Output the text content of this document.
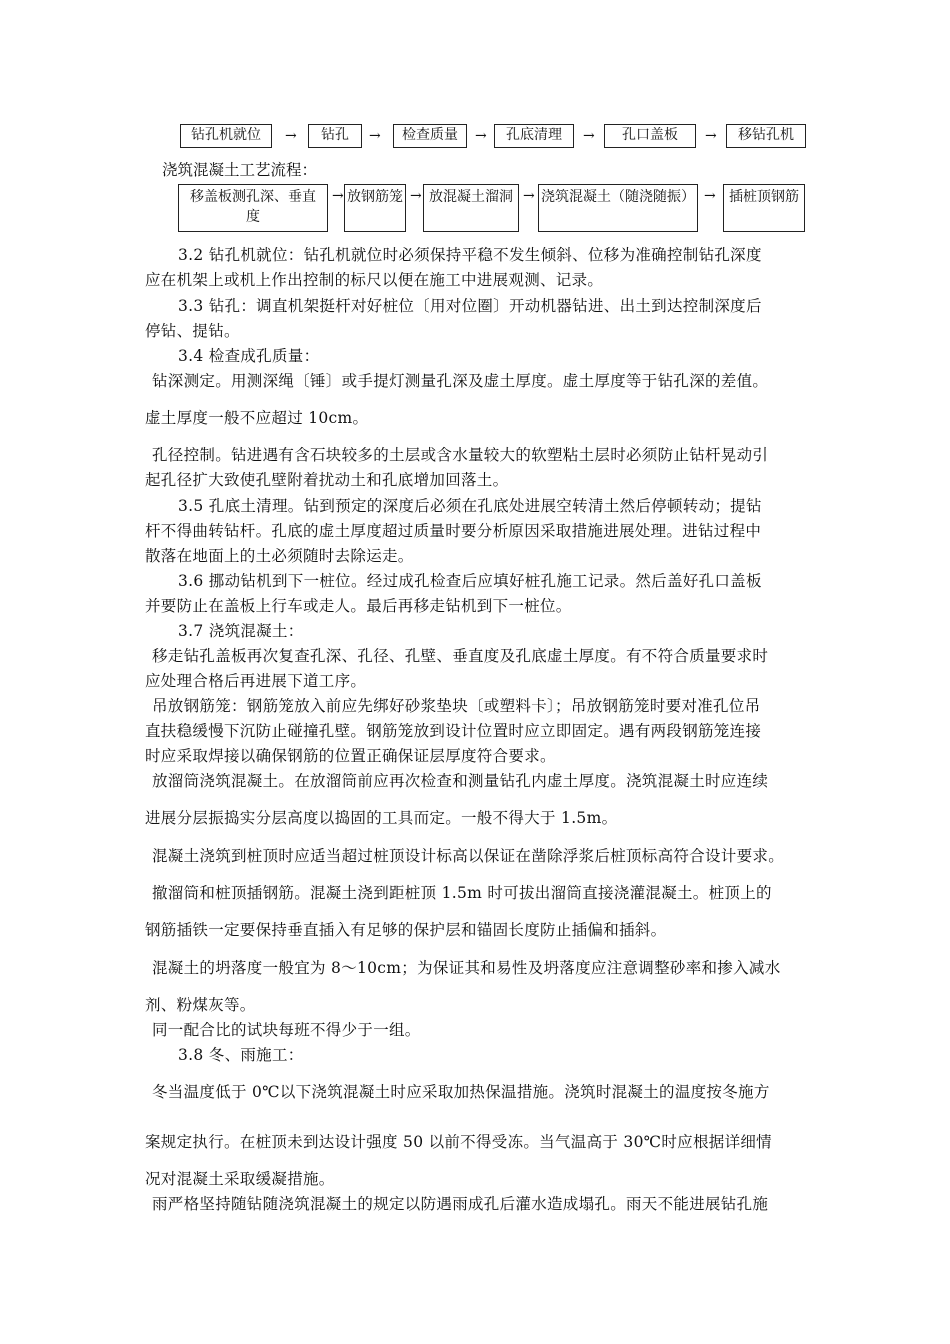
钻孔机就位	→	钻孔	→	检查质量	→	孔底清理	→	孔口盖板	→	移钻孔机
浇筑混凝土工艺流程：
移盖板测孔深、垂直度
→ 放钢筋笼 → 放混凝土溜洞 → 浇筑混凝土（随浇随振） → 插桩顶钢筋
3.2 钻孔机就位：钻孔机就位时必须保持平稳不发生倾斜、位移为准确控制钻孔深度
应在机架上或机上作出控制的标尺以便在施工中进展观测、记录。
3.3 钻孔：调直机架挺杆对好桩位〔用对位圈〕开动机器钻进、出土到达控制深度后
停钻、提钻。
3.4 检查成孔质量：
钻深测定。用测深绳〔锤〕或手提灯测量孔深及虚土厚度。虚土厚度等于钻孔深的差值。
虚土厚度一般不应超过 10cm。
孔径控制。钻进遇有含石块较多的土层或含水量较大的软塑粘土层时必须防止钻杆晃动引
起孔径扩大致使孔壁附着扰动土和孔底增加回落土。
3.5 孔底土清理。钻到预定的深度后必须在孔底处进展空转清土然后停顿转动；提钻
杆不得曲转钻杆。孔底的虚土厚度超过质量时要分析原因采取措施进展处理。进钻过程中
散落在地面上的土必须随时去除运走。
3.6 挪动钻机到下一桩位。经过成孔检查后应填好桩孔施工记录。然后盖好孔口盖板
并要防止在盖板上行车或走人。最后再移走钻机到下一桩位。
3.7 浇筑混凝土：
移走钻孔盖板再次复查孔深、孔径、孔壁、垂直度及孔底虚土厚度。有不符合质量要求时
应处理合格后再进展下道工序。
吊放钢筋笼：钢筋笼放入前应先绑好砂浆垫块〔或塑料卡〕；吊放钢筋笼时要对准孔位吊
直扶稳缓慢下沉防止碰撞孔壁。钢筋笼放到设计位置时应立即固定。遇有两段钢筋笼连接
时应采取焊接以确保钢筋的位置正确保证层厚度符合要求。
放溜筒浇筑混凝土。在放溜筒前应再次检查和测量钻孔内虚土厚度。浇筑混凝土时应连续
进展分层振捣实分层高度以捣固的工具而定。一般不得大于 1.5m。
混凝土浇筑到桩顶时应适当超过桩顶设计标高以保证在凿除浮浆后桩顶标高符合设计要求。
撤溜筒和桩顶插钢筋。混凝土浇到距桩顶 1.5m 时可拔出溜筒直接浇灌混凝土。桩顶上的
钢筋插铁一定要保持垂直插入有足够的保护层和锚固长度防止插偏和插斜。
混凝土的坍落度一般宜为 8～10cm；为保证其和易性及坍落度应注意调整砂率和掺入减水
剂、粉煤灰等。
同一配合比的试块每班不得少于一组。
3.8 冬、雨施工：
冬当温度低于 0℃以下浇筑混凝土时应采取加热保温措施。浇筑时混凝土的温度按冬施方
案规定执行。在桩顶未到达设计强度 50 以前不得受冻。当气温高于 30℃时应根据详细情
况对混凝土采取缓凝措施。
雨严格坚持随钻随浇筑混凝土的规定以防遇雨成孔后灌水造成塌孔。雨天不能进展钻孔施
